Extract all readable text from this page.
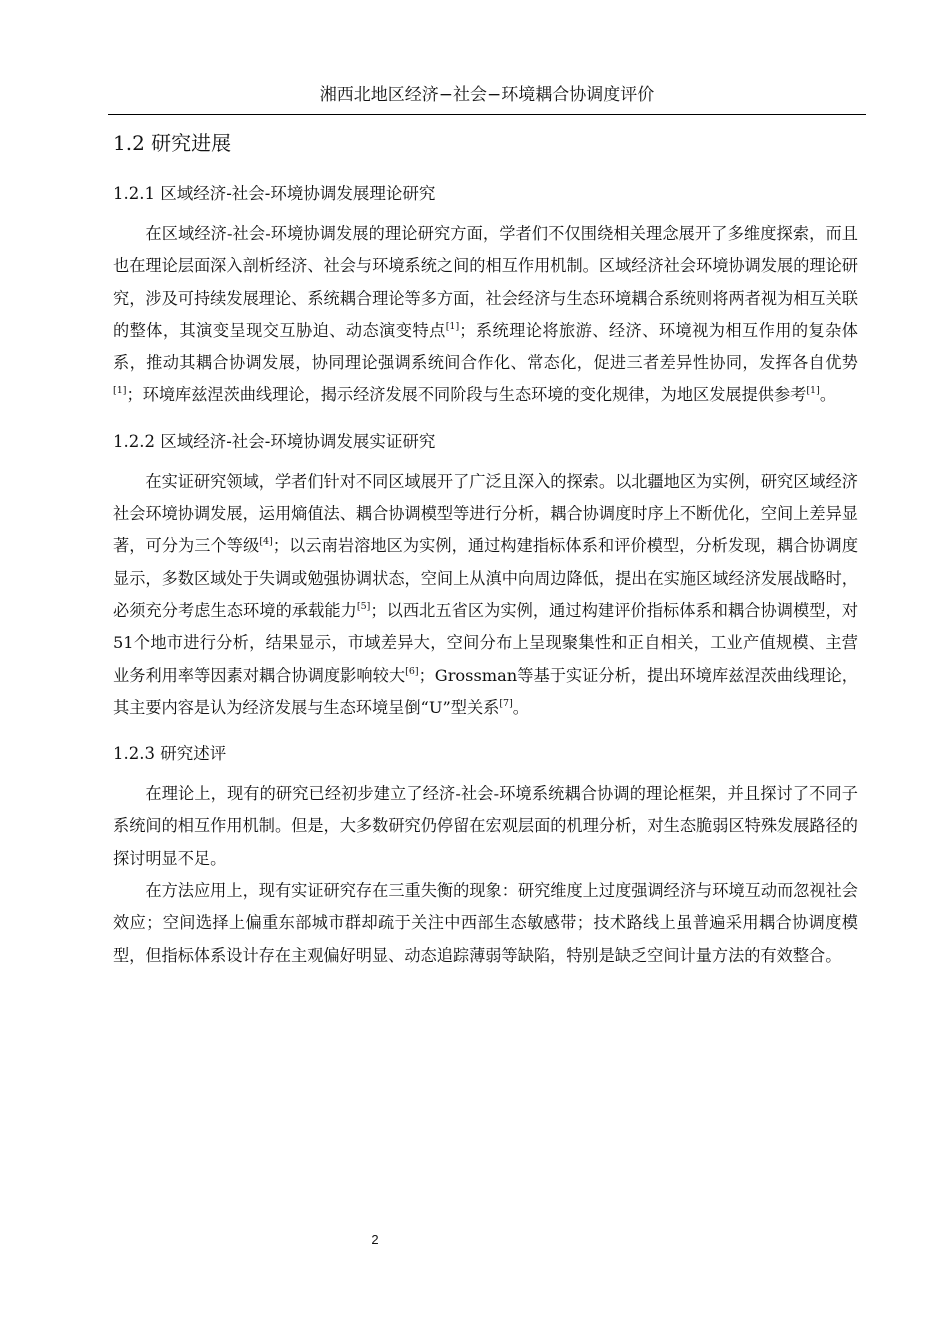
湘西北地区经济−社会−环境耦合协调度评价
1.2 研究进展
1.2.1 区域经济-社会-环境协调发展理论研究

在区域经济-社会-环境协调发展的理论研究方面，学者们不仅围绕相关理念展开了多维度探索，而且也在理论层面深入剖析经济、社会与环境系统之间的相互作用机制。区域经济社会环境协调发展的理论研究，涉及可持续发展理论、系统耦合理论等多方面，社会经济与生态环境耦合系统则将两者视为相互关联的整体，其演变呈现交互胁迫、动态演变特点[1]；系统理论将旅游、经济、环境视为相互作用的复杂体系，推动其耦合协调发展，协同理论强调系统间合作化、常态化，促进三者差异性协同，发挥各自优势[1]；环境库兹涅茨曲线理论，揭示经济发展不同阶段与生态环境的变化规律，为地区发展提供参考[1]。

1.2.2 区域经济-社会-环境协调发展实证研究

在实证研究领域，学者们针对不同区域展开了广泛且深入的探索。以北疆地区为实例，研究区域经济社会环境协调发展，运用熵值法、耦合协调模型等进行分析，耦合协调度时序上不断优化，空间上差异显著，可分为三个等级[4]；以云南岩溶地区为实例，通过构建指标体系和评价模型，分析发现，耦合协调度显示，多数区域处于失调或勉强协调状态，空间上从滇中向周边降低，提出在实施区域经济发展战略时，必须充分考虑生态环境的承载能力[5]；以西北五省区为实例，通过构建评价指标体系和耦合协调模型，对51个地市进行分析，结果显示，市域差异大，空间分布上呈现聚集性和正自相关，工业产值规模、主营业务利用率等因素对耦合协调度影响较大[6]；Grossman等基于实证分析，提出环境库兹涅茨曲线理论，其主要内容是认为经济发展与生态环境呈倒“U”型关系[7]。

1.2.3 研究述评

在理论上，现有的研究已经初步建立了经济-社会-环境系统耦合协调的理论框架，并且探讨了不同子系统间的相互作用机制。但是，大多数研究仍停留在宏观层面的机理分析，对生态脆弱区特殊发展路径的探讨明显不足。

在方法应用上，现有实证研究存在三重失衡的现象：研究维度上过度强调经济与环境互动而忽视社会效应；空间选择上偏重东部城市群却疏于关注中西部生态敏感带；技术路线上虽普遍采用耦合协调度模型，但指标体系设计存在主观偏好明显、动态追踪薄弱等缺陷，特别是缺乏空间计量方法的有效整合。

2
